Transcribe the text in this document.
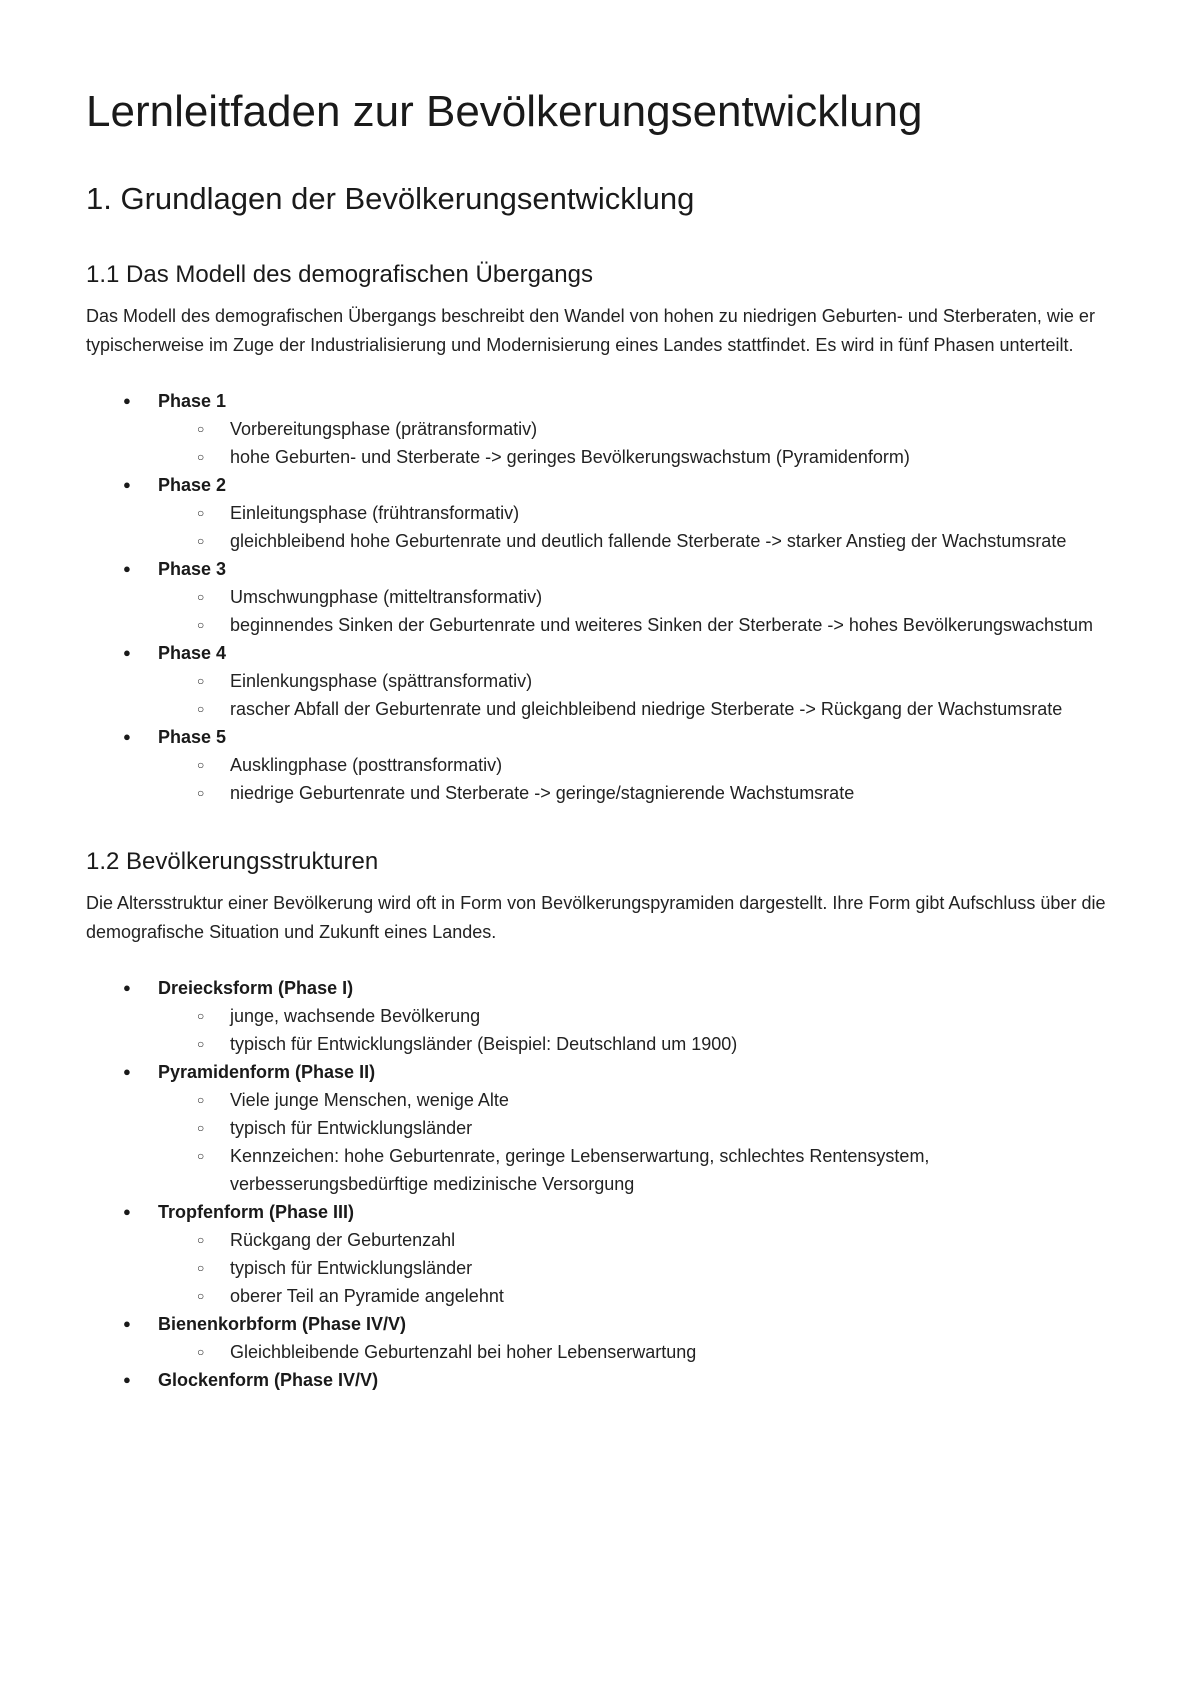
Lernleitfaden zur Bevölkerungsentwicklung
1. Grundlagen der Bevölkerungsentwicklung
1.1 Das Modell des demografischen Übergangs

Das Modell des demografischen Übergangs beschreibt den Wandel von hohen zu niedrigen Geburten- und Sterberaten, wie er typischerweise im Zuge der Industrialisierung und Modernisierung eines Landes stattfindet. Es wird in fünf Phasen unterteilt.

● Phase 1
○ Vorbereitungsphase (prätransformativ)
○ hohe Geburten- und Sterberate -> geringes Bevölkerungswachstum (Pyramidenform)
● Phase 2
○ Einleitungsphase (frühtransformativ)
○ gleichbleibend hohe Geburtenrate und deutlich fallende Sterberate -> starker Anstieg der Wachstumsrate
● Phase 3
○ Umschwungphase (mitteltransformativ)
○ beginnendes Sinken der Geburtenrate und weiteres Sinken der Sterberate -> hohes Bevölkerungswachstum
● Phase 4
○ Einlenkungsphase (spättransformativ)
○ rascher Abfall der Geburtenrate und gleichbleibend niedrige Sterberate -> Rückgang der Wachstumsrate
● Phase 5
○ Ausklingphase (posttransformativ)
○ niedrige Geburtenrate und Sterberate -> geringe/stagnierende Wachstumsrate
1.2 Bevölkerungsstrukturen

Die Altersstruktur einer Bevölkerung wird oft in Form von Bevölkerungspyramiden dargestellt. Ihre Form gibt Aufschluss über die demografische Situation und Zukunft eines Landes.

● Dreiecksform (Phase I)
○ junge, wachsende Bevölkerung
○ typisch für Entwicklungsländer (Beispiel: Deutschland um 1900)
● Pyramidenform (Phase II)
○ Viele junge Menschen, wenige Alte
○ typisch für Entwicklungsländer
○ Kennzeichen: hohe Geburtenrate, geringe Lebenserwartung, schlechtes Rentensystem, verbesserungsbedürftige medizinische Versorgung
● Tropfenform (Phase III)
○ Rückgang der Geburtenzahl
○ typisch für Entwicklungsländer
○ oberer Teil an Pyramide angelehnt
● Bienenkorbform (Phase IV/V)
○ Gleichbleibende Geburtenzahl bei hoher Lebenserwartung
● Glockenform (Phase IV/V)
